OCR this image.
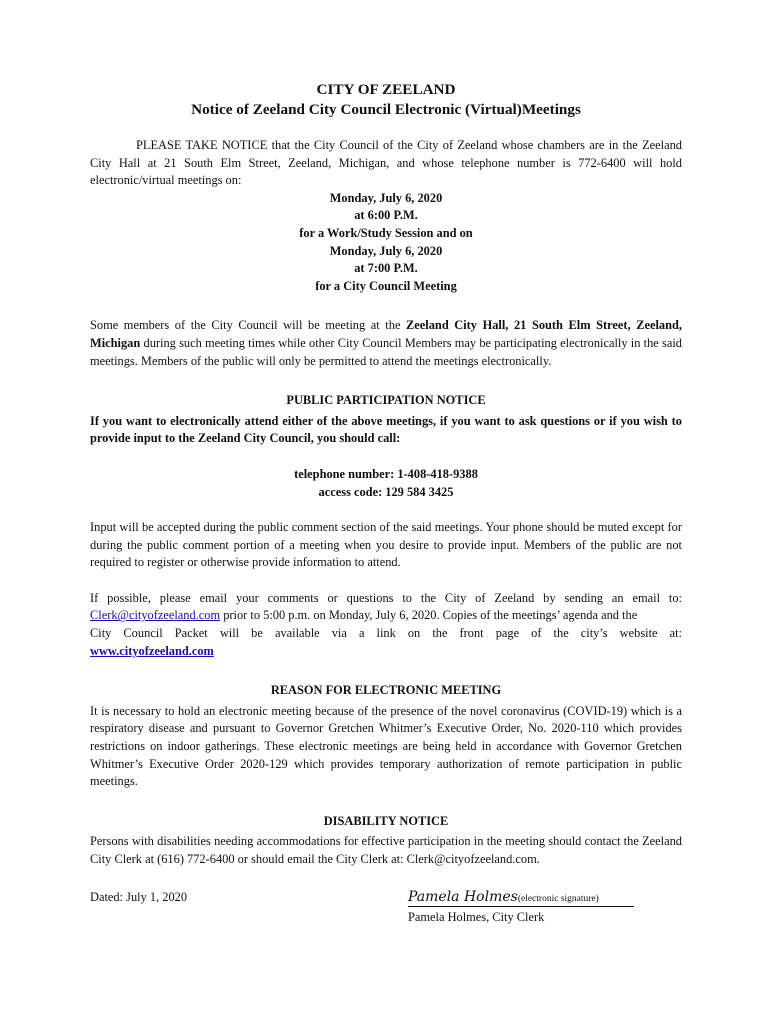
CITY OF ZEELAND
Notice of Zeeland City Council Electronic (Virtual)Meetings

PLEASE TAKE NOTICE that the City Council of the City of Zeeland whose chambers are in the Zeeland City Hall at 21 South Elm Street, Zeeland, Michigan, and whose telephone number is 772-6400 will hold electronic/virtual meetings on:

Monday, July 6, 2020

at 6:00 P.M.

for a Work/Study Session and on

Monday, July 6, 2020

at 7:00 P.M.

for a City Council Meeting

Some members of the City Council will be meeting at the Zeeland City Hall, 21 South Elm Street, Zeeland, Michigan during such meeting times while other City Council Members may be participating electronically in the said meetings. Members of the public will only be permitted to attend the meetings electronically.

PUBLIC PARTICIPATION NOTICE

If you want to electronically attend either of the above meetings, if you want to ask questions or if you wish to provide input to the Zeeland City Council, you should call:

telephone number: 1-408-418-9388

access code: 129 584 3425

Input will be accepted during the public comment section of the said meetings. Your phone should be muted except for during the public comment portion of a meeting when you desire to provide input. Members of the public are not required to register or otherwise provide information to attend.

If possible, please email your comments or questions to the City of Zeeland by sending an email to:

Clerk@cityofzeeland.com prior to 5:00 p.m. on Monday, July 6, 2020. Copies of the meetings’ agenda and the

City Council Packet will be available via a link on the front page of the city’s website at:

www.cityofzeeland.com

REASON FOR ELECTRONIC MEETING

It is necessary to hold an electronic meeting because of the presence of the novel coronavirus (COVID-19) which is a respiratory disease and pursuant to Governor Gretchen Whitmer’s Executive Order, No. 2020-110 which provides restrictions on indoor gatherings. These electronic meetings are being held in accordance with Governor Gretchen Whitmer’s Executive Order 2020-129 which provides temporary authorization of remote participation in public meetings.

DISABILITY NOTICE

Persons with disabilities needing accommodations for effective participation in the meeting should contact the Zeeland City Clerk at (616) 772-6400 or should email the City Clerk at: Clerk@cityofzeeland.com.

Dated: July 1, 2020	Pamela Holmes(electronic signature)
Pamela Holmes, City Clerk
